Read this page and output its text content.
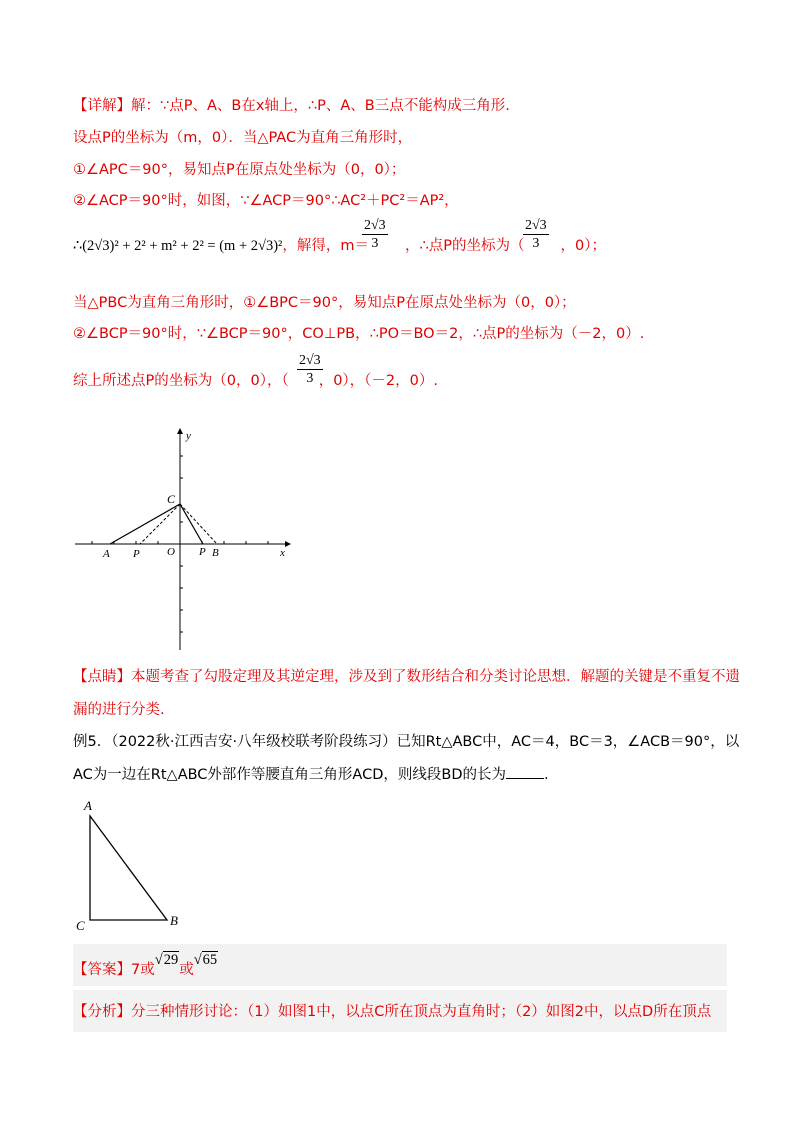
【详解】解：∵点P、A、B在x轴上，∴P、A、B三点不能构成三角形.
设点P的坐标为（m，0）．当△PAC为直角三角形时，
①∠APC＝90°，易知点P在原点处坐标为（0，0）；
②∠ACP＝90°时，如图，∵∠ACP＝90°∴AC²＋PC²＝AP²，
∴(2√3)² + 2² + m² + 2² = (m + 2√3)²，解得，m＝ ，∴点P的坐标为（ ，0）；
$\frac{2√3}{3}$	$\frac{2√3}{3}$
当△PBC为直角三角形时，①∠BPC＝90°，易知点P在原点处坐标为（0，0）；
②∠BCP＝90°时，∵∠BCP＝90°，CO⊥PB，∴PO＝BO＝2，∴点P的坐标为（－2，0）.
综上所述点P的坐标为（0，0），（ ，0），（－2，0）.
$\frac{2√3}{3}$
y
x
C
A P O P B
【点睛】本题考查了勾股定理及其逆定理，涉及到了数形结合和分类讨论思想．解题的关键是不重复不遗
漏的进行分类.
例5．（2022秋·江西吉安·八年级校联考阶段练习）已知Rt△ABC中，AC＝4，BC＝3，∠ACB＝90°，以
AC为一边在Rt△ABC外部作等腰直角三角形ACD，则线段BD的长为	.
A
C	B
【答案】7或√29或√65
【分析】分三种情形讨论：（1）如图1中，以点C所在顶点为直角时；（2）如图2中，以点D所在顶点
